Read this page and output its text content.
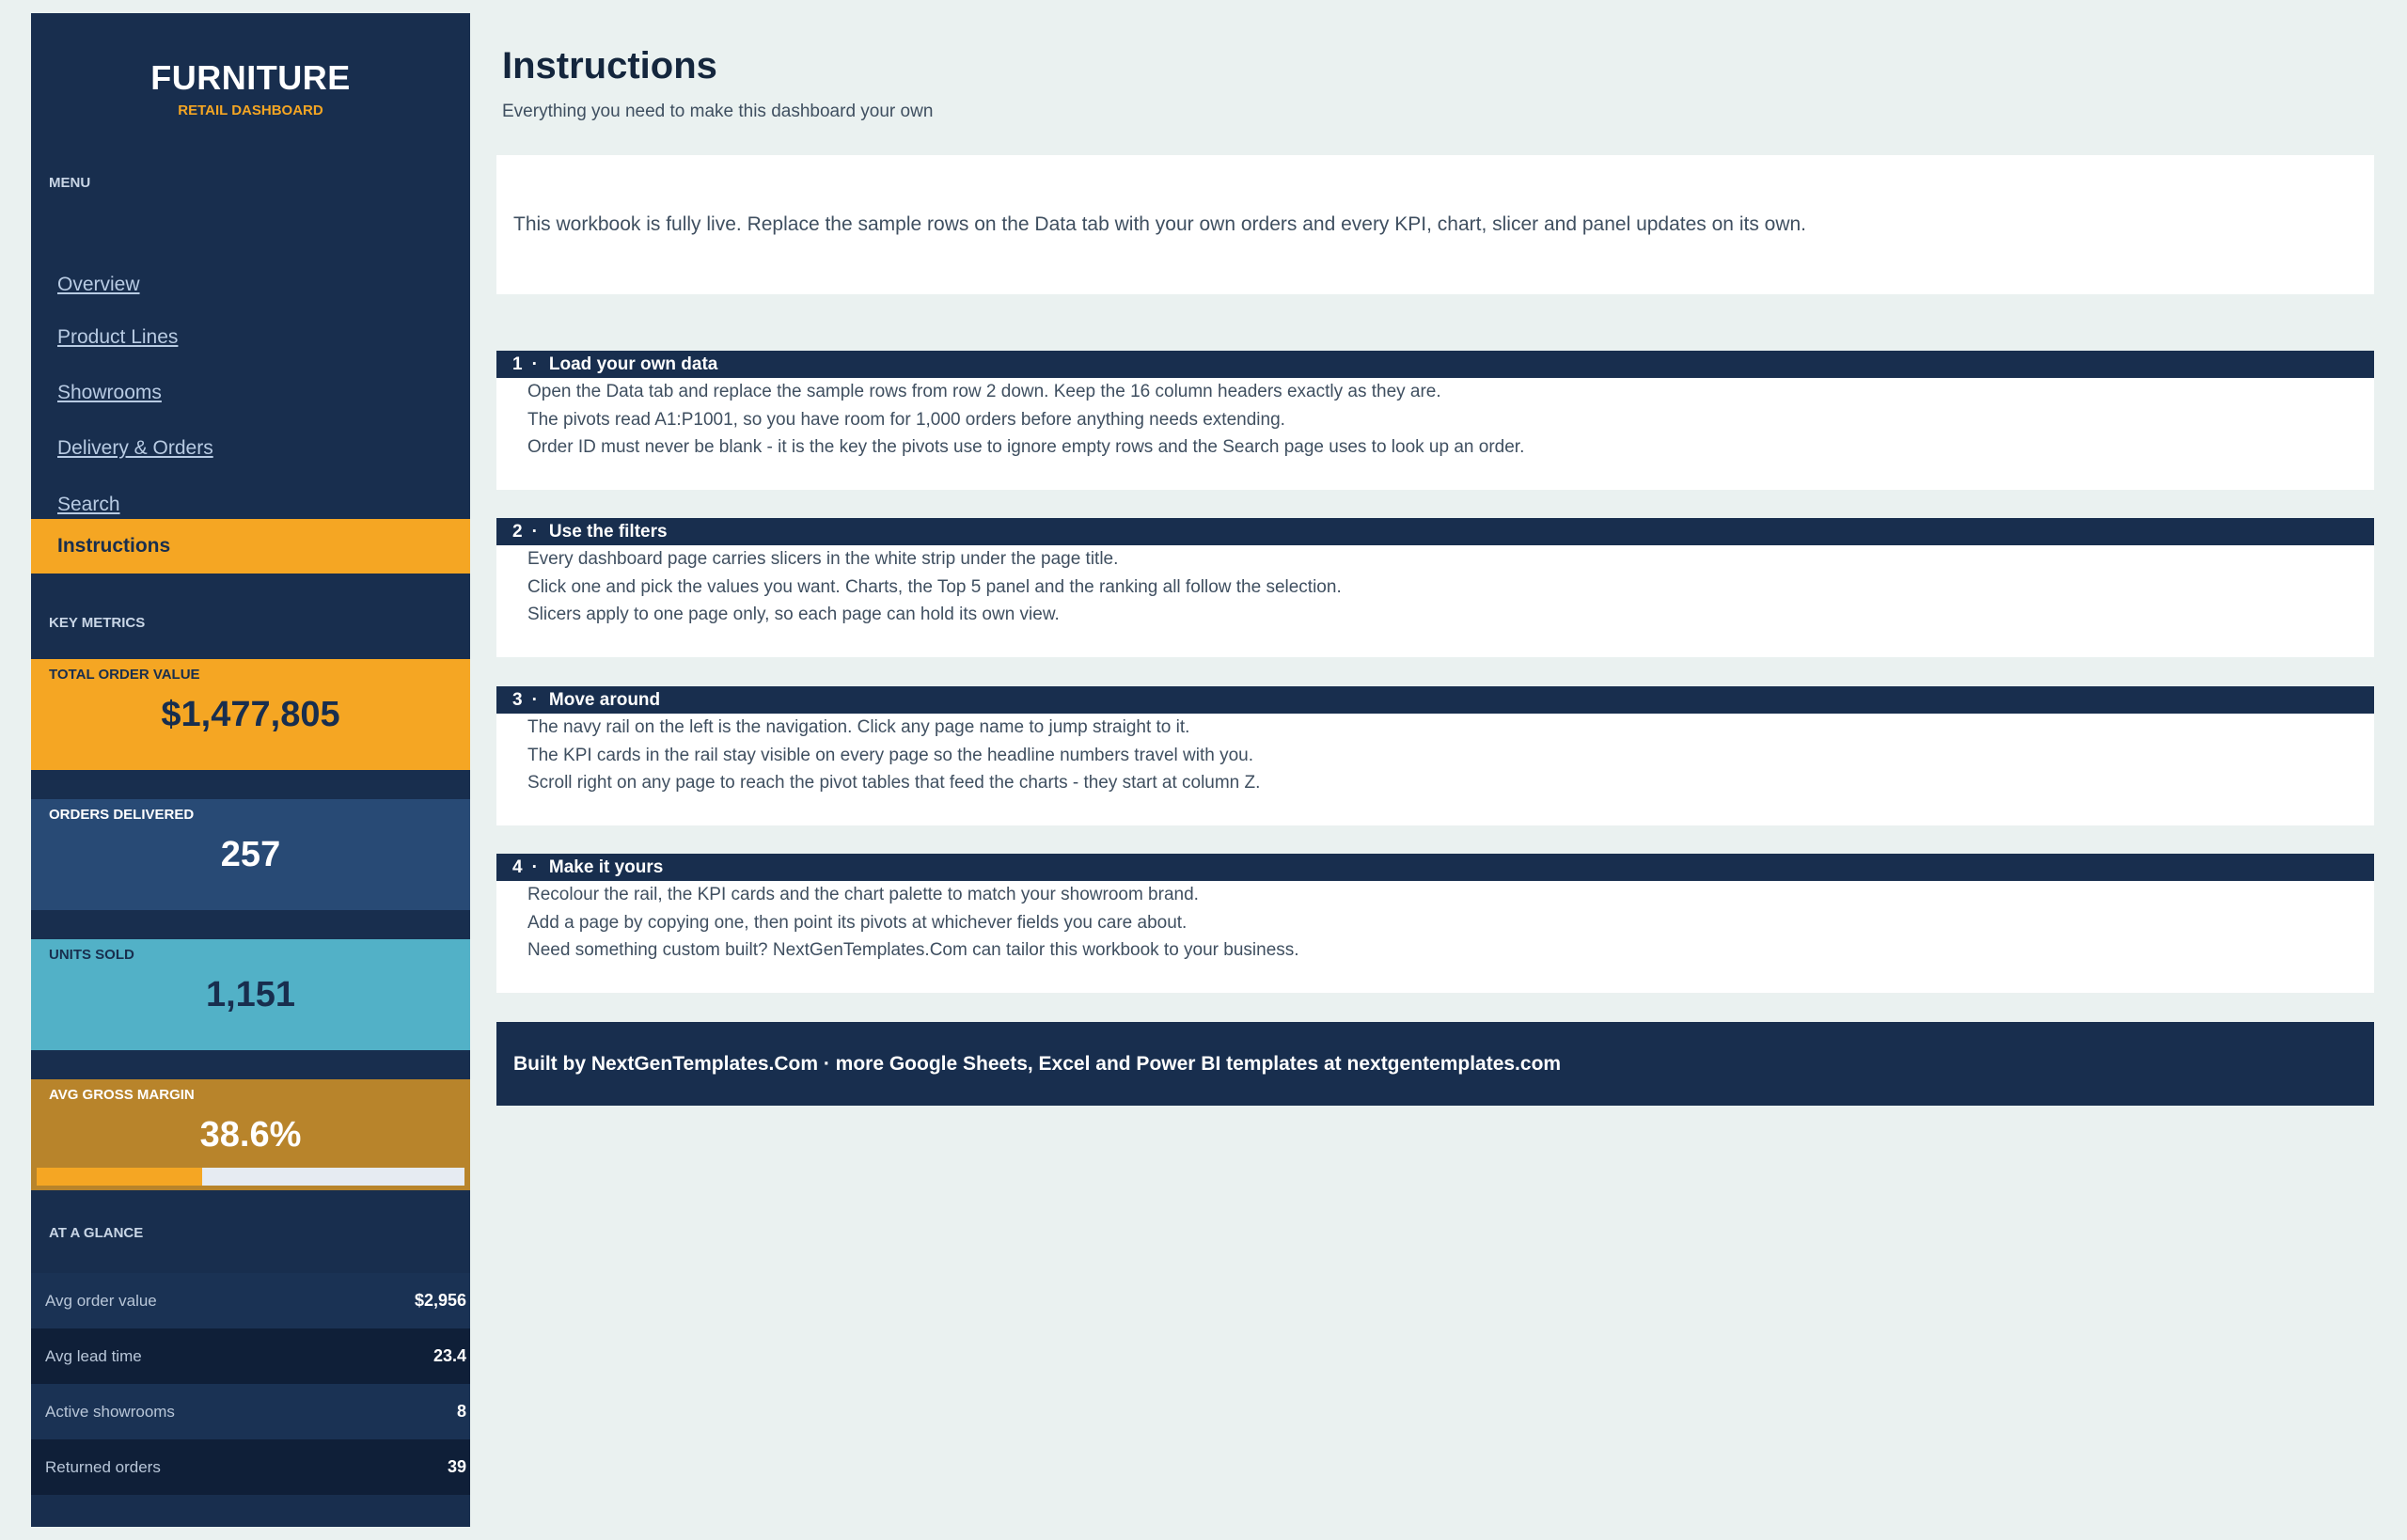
FURNITURE
RETAIL DASHBOARD
MENU
Overview
Product Lines
Showrooms
Delivery & Orders
Search
Instructions
KEY METRICS
TOTAL ORDER VALUE
$1,477,805
ORDERS DELIVERED
257
UNITS SOLD
1,151
AVG GROSS MARGIN
38.6%
AT A GLANCE
Avg order value	$2,956
Avg lead time	23.4
Active showrooms	8
Returned orders	39
Instructions
Everything you need to make this dashboard your own
This workbook is fully live. Replace the sample rows on the Data tab with your own orders and every KPI, chart, slicer and panel updates on its own.
1 · Load your own data
Open the Data tab and replace the sample rows from row 2 down. Keep the 16 column headers exactly as they are.
The pivots read A1:P1001, so you have room for 1,000 orders before anything needs extending.
Order ID must never be blank - it is the key the pivots use to ignore empty rows and the Search page uses to look up an order.
2 · Use the filters
Every dashboard page carries slicers in the white strip under the page title.
Click one and pick the values you want. Charts, the Top 5 panel and the ranking all follow the selection.
Slicers apply to one page only, so each page can hold its own view.
3 · Move around
The navy rail on the left is the navigation. Click any page name to jump straight to it.
The KPI cards in the rail stay visible on every page so the headline numbers travel with you.
Scroll right on any page to reach the pivot tables that feed the charts - they start at column Z.
4 · Make it yours
Recolour the rail, the KPI cards and the chart palette to match your showroom brand.
Add a page by copying one, then point its pivots at whichever fields you care about.
Need something custom built? NextGenTemplates.Com can tailor this workbook to your business.
Built by NextGenTemplates.Com · more Google Sheets, Excel and Power BI templates at nextgentemplates.com
